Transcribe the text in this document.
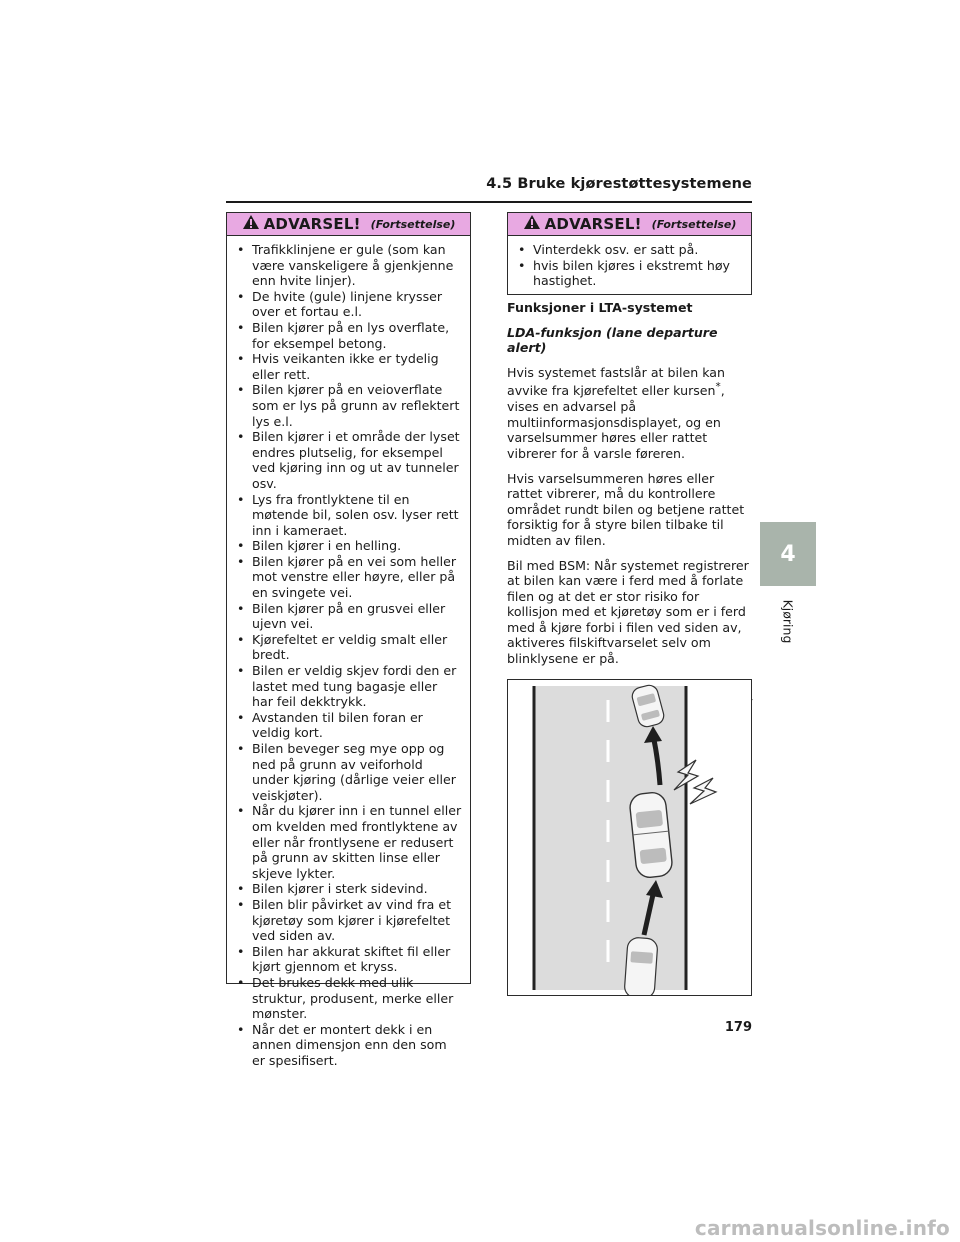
4.5 Bruke kjørestøttesystemene
ADVARSEL! (Fortsettelse)
• Trafikklinjene er gule (som kan være vanskeligere å gjenkjenne enn hvite linjer).
• De hvite (gule) linjene krysser over et fortau e.l.
• Bilen kjører på en lys overflate, for eksempel betong.
• Hvis veikanten ikke er tydelig eller rett.
• Bilen kjører på en veioverflate som er lys på grunn av reflektert lys e.l.
• Bilen kjører i et område der lyset endres plutselig, for eksempel ved kjøring inn og ut av tunneler osv.
• Lys fra frontlyktene til en møtende bil, solen osv. lyser rett inn i kameraet.
• Bilen kjører i en helling.
• Bilen kjører på en vei som heller mot venstre eller høyre, eller på en svingete vei.
• Bilen kjører på en grusvei eller ujevn vei.
• Kjørefeltet er veldig smalt eller bredt.
• Bilen er veldig skjev fordi den er lastet med tung bagasje eller har feil dekktrykk.
• Avstanden til bilen foran er veldig kort.
• Bilen beveger seg mye opp og ned på grunn av veiforhold under kjøring (dårlige veier eller veiskjøter).
• Når du kjører inn i en tunnel eller om kvelden med frontlyktene av eller når frontlysene er redusert på grunn av skitten linse eller skjeve lykter.
• Bilen kjører i sterk sidevind.
• Bilen blir påvirket av vind fra et kjøretøy som kjører i kjørefeltet ved siden av.
• Bilen har akkurat skiftet fil eller kjørt gjennom et kryss.
• Det brukes dekk med ulik struktur, produsent, merke eller mønster.
• Når det er montert dekk i en annen dimensjon enn den som er spesifisert.
ADVARSEL! (Fortsettelse)
• Vinterdekk osv. er satt på.
• hvis bilen kjøres i ekstremt høy hastighet.

Funksjoner i LTA-systemet

LDA-funksjon (lane departure alert)

Hvis systemet fastslår at bilen kan avvike fra kjørefeltet eller kursen*, vises en advarsel på multiinformasjonsdisplayet, og en varselsummer høres eller rattet vibrerer for å varsle føreren.

Hvis varselsummeren høres eller rattet vibrerer, må du kontrollere området rundt bilen og betjene rattet forsiktig for å styre bilen tilbake til midten av filen.

Bil med BSM: Når systemet registrerer at bilen kan være i ferd med å forlate filen og at det er stor risiko for kollisjon med et kjøretøy som er i ferd med å kjøre forbi i filen ved siden av, aktiveres filskiftvarselet selv om blinklysene er på.

4
Kjøring
179
carmanualsonline.info
